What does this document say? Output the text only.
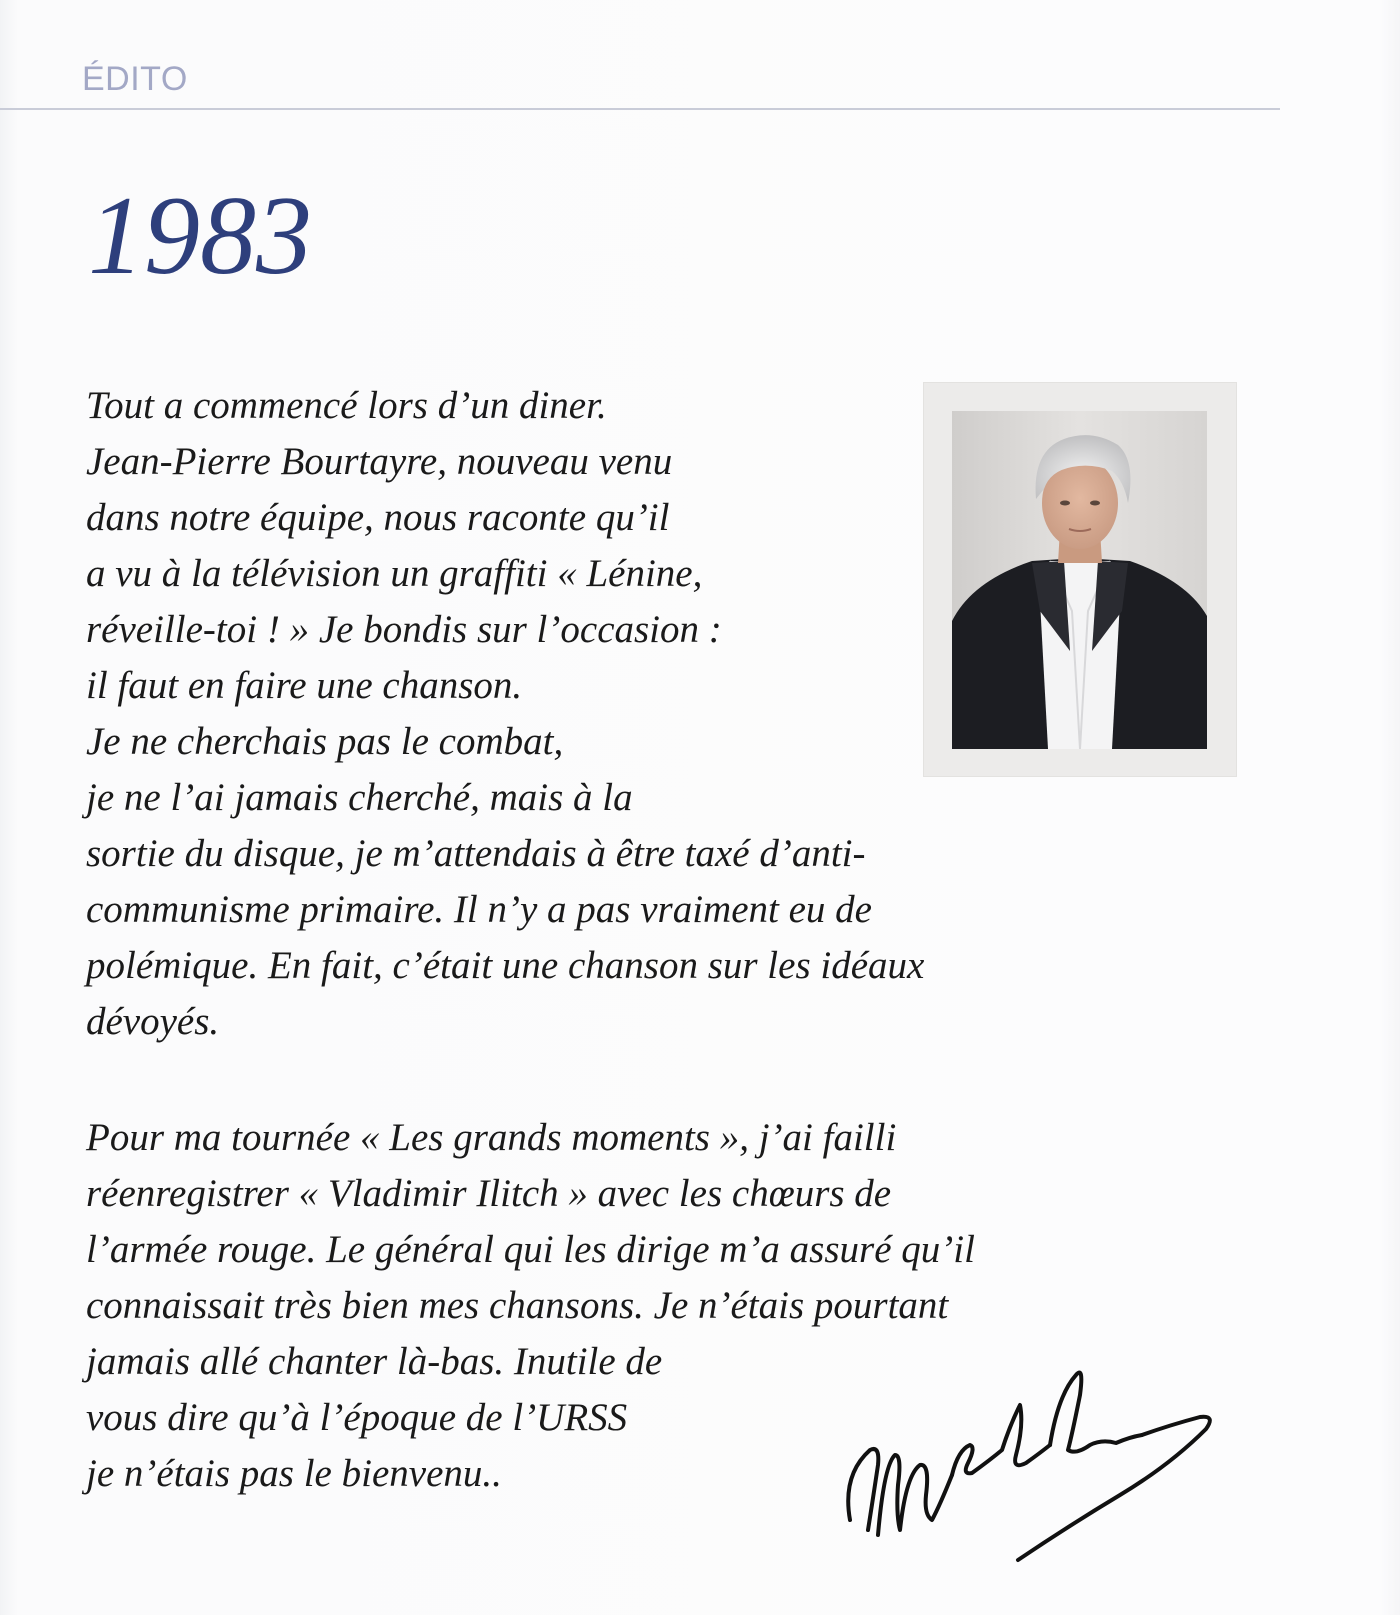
ÉDITO
1983
Tout a commencé lors d’un diner.
Jean-Pierre Bourtayre, nouveau venu
dans notre équipe, nous raconte qu’il
a vu à la télévision un graffiti « Lénine,
réveille-toi ! » Je bondis sur l’occasion :
il faut en faire une chanson.
Je ne cherchais pas le combat,
je ne l’ai jamais cherché, mais à la
sortie du disque, je m’attendais à être taxé d’anti-
communisme primaire. Il n’y a pas vraiment eu de
polémique. En fait, c’était une chanson sur les idéaux
dévoyés.
Pour ma tournée « Les grands moments », j’ai failli
réenregistrer « Vladimir Ilitch » avec les chœurs de
l’armée rouge. Le général qui les dirige m’a assuré qu’il
connaissait très bien mes chansons. Je n’étais pourtant
jamais allé chanter là-bas. Inutile de
vous dire qu’à l’époque de l’URSS
je n’étais pas le bienvenu..
